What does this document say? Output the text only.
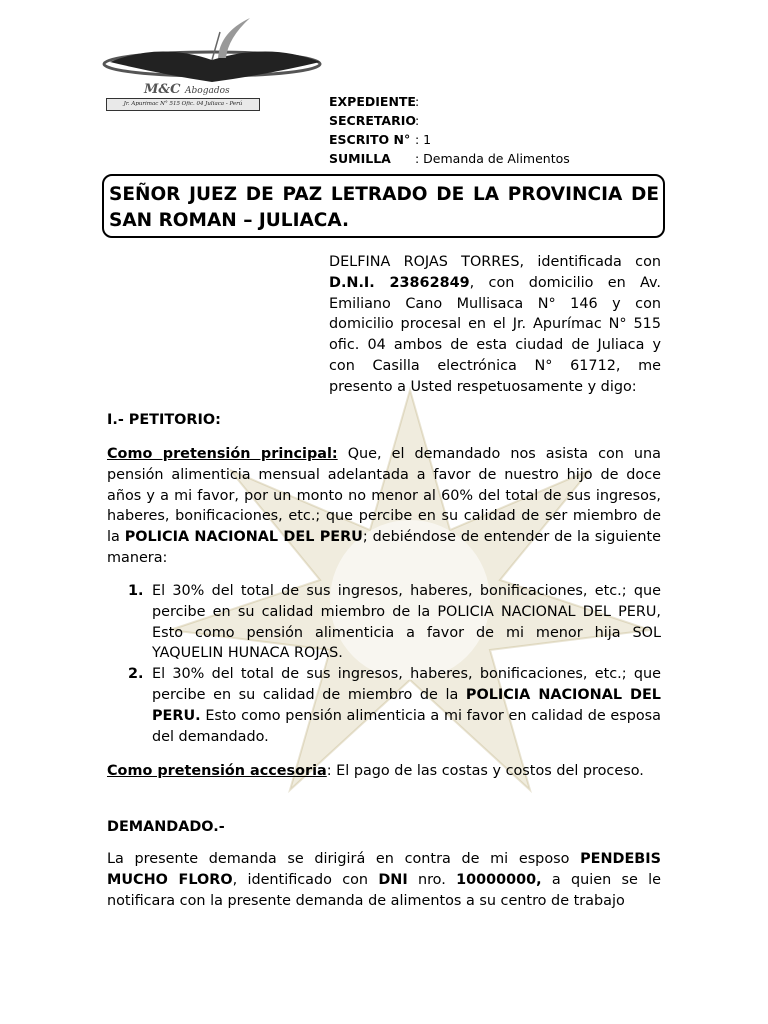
M&C Abogados
Jr. Apurimac N° 515 Ofic. 04 Juliaca - Perú	EXPEDIENTE :
SECRETARIO
:
ESCRITO N° : 1
SUMILLA	: Demanda de Alimentos
SEÑOR JUEZ DE PAZ LETRADO DE LA PROVINCIA DE SAN ROMAN – JULIACA.
DELFINA ROJAS TORRES, identificada con D.N.I. 23862849, con domicilio en Av. Emiliano Cano Mullisaca N° 146 y con domicilio procesal en el Jr. Apurímac N° 515 ofic. 04 ambos de esta ciudad de Juliaca y con Casilla electrónica N° 61712, me presento a Usted respetuosamente y digo:
I.- PETITORIO:
Como pretensión principal: Que, el demandado nos asista con una pensión alimenticia mensual adelantada a favor de nuestro hijo de doce años y a mi favor, por un monto no menor al 60% del total de sus ingresos, haberes, bonificaciones, etc.; que percibe en su calidad de ser miembro de la POLICIA NACIONAL DEL PERU; debiéndose de entender de la siguiente manera:
1. El 30% del total de sus ingresos, haberes, bonificaciones, etc.; que percibe en su calidad miembro de la POLICIA NACIONAL DEL PERU, Esto como pensión alimenticia a favor de mi menor hija SOL YAQUELIN HUNACA ROJAS.
2. El 30% del total de sus ingresos, haberes, bonificaciones, etc.; que percibe en su calidad de miembro de la POLICIA NACIONAL DEL PERU. Esto como pensión alimenticia a mi favor en calidad de esposa del demandado.
Como pretensión accesoria: El pago de las costas y costos del proceso.
DEMANDADO.-
La presente demanda se dirigirá en contra de mi esposo PENDEBIS MUCHO FLORO, identificado con DNI nro. 10000000, a quien se le notificara con la presente demanda de alimentos a su centro de trabajo
